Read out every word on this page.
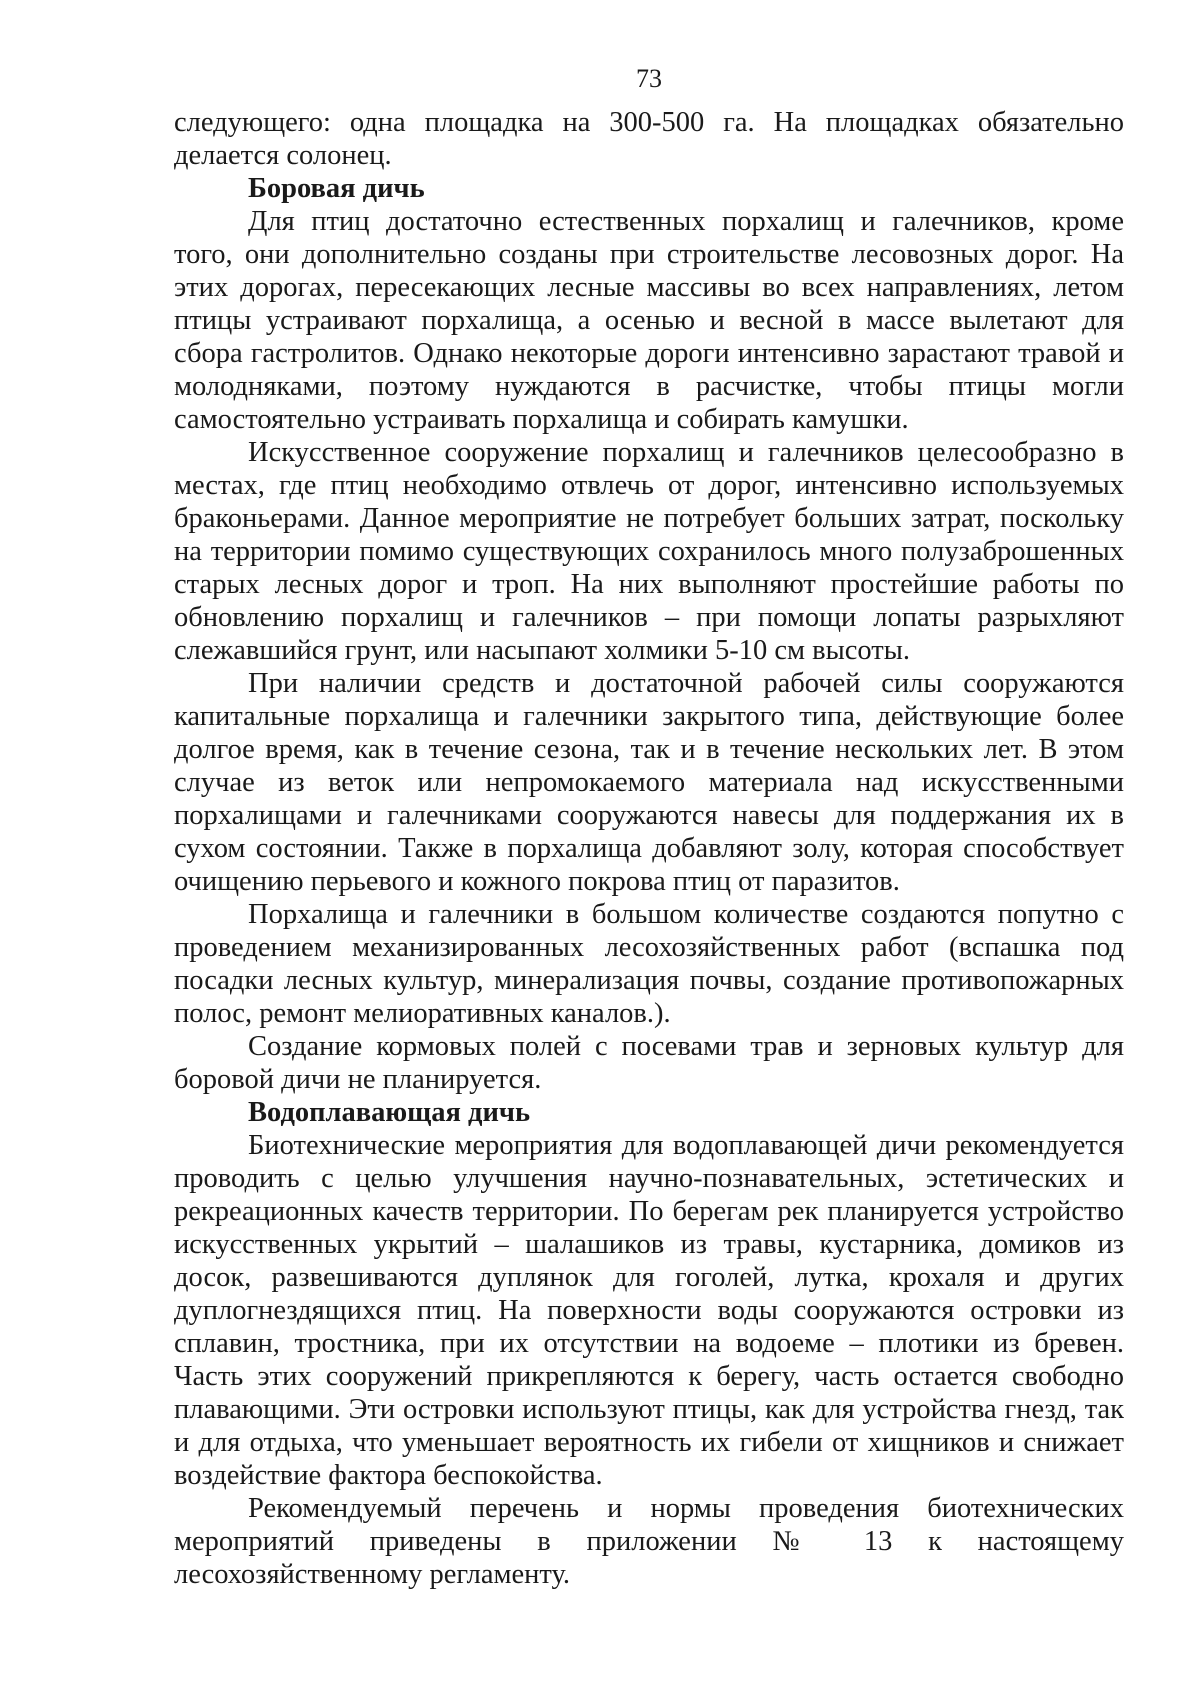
73

следующего: одна площадка на 300-500 га. На площадках обязательно делается солонец.

Боровая дичь

Для птиц достаточно естественных порхалищ и галечников, кроме того, они дополнительно созданы при строительстве лесовозных дорог. На этих дорогах, пересекающих лесные массивы во всех направлениях, летом птицы устраивают порхалища, а осенью и весной в массе вылетают для сбора гастролитов. Однако некоторые дороги интенсивно зарастают травой и молодняками, поэтому нуждаются в расчистке, чтобы птицы могли самостоятельно устраивать порхалища и собирать камушки.

Искусственное сооружение порхалищ и галечников целесообразно в местах, где птиц необходимо отвлечь от дорог, интенсивно используемых браконьерами. Данное мероприятие не потребует больших затрат, поскольку на территории помимо существующих сохранилось много полузаброшенных старых лесных дорог и троп. На них выполняют простейшие работы по обновлению порхалищ и галечников – при помощи лопаты разрыхляют слежавшийся грунт, или насыпают холмики 5-10 см высоты.

При наличии средств и достаточной рабочей силы сооружаются капитальные порхалища и галечники закрытого типа, действующие более долгое время, как в течение сезона, так и в течение нескольких лет. В этом случае из веток или непромокаемого материала над искусственными порхалищами и галечниками сооружаются навесы для поддержания их в сухом состоянии. Также в порхалища добавляют золу, которая способствует очищению перьевого и кожного покрова птиц от паразитов.

Порхалища и галечники в большом количестве создаются попутно с проведением механизированных лесохозяйственных работ (вспашка под посадки лесных культур, минерализация почвы, создание противопожарных полос, ремонт мелиоративных каналов.).

Создание кормовых полей с посевами трав и зерновых культур для боровой дичи не планируется.

Водоплавающая дичь

Биотехнические мероприятия для водоплавающей дичи рекомендуется проводить с целью улучшения научно-познавательных, эстетических и рекреационных качеств территории. По берегам рек планируется устройство искусственных укрытий – шалашиков из травы, кустарника, домиков из досок, развешиваются дуплянок для гоголей, лутка, крохаля и других дуплогнездящихся птиц. На поверхности воды сооружаются островки из сплавин, тростника, при их отсутствии на водоеме – плотики из бревен. Часть этих сооружений прикрепляются к берегу, часть остается свободно плавающими. Эти островки используют птицы, как для устройства гнезд, так и для отдыха, что уменьшает вероятность их гибели от хищников и снижает воздействие фактора беспокойства.

Рекомендуемый перечень и нормы проведения биотехнических мероприятий приведены в приложении № 13 к настоящему лесохозяйственному регламенту.
